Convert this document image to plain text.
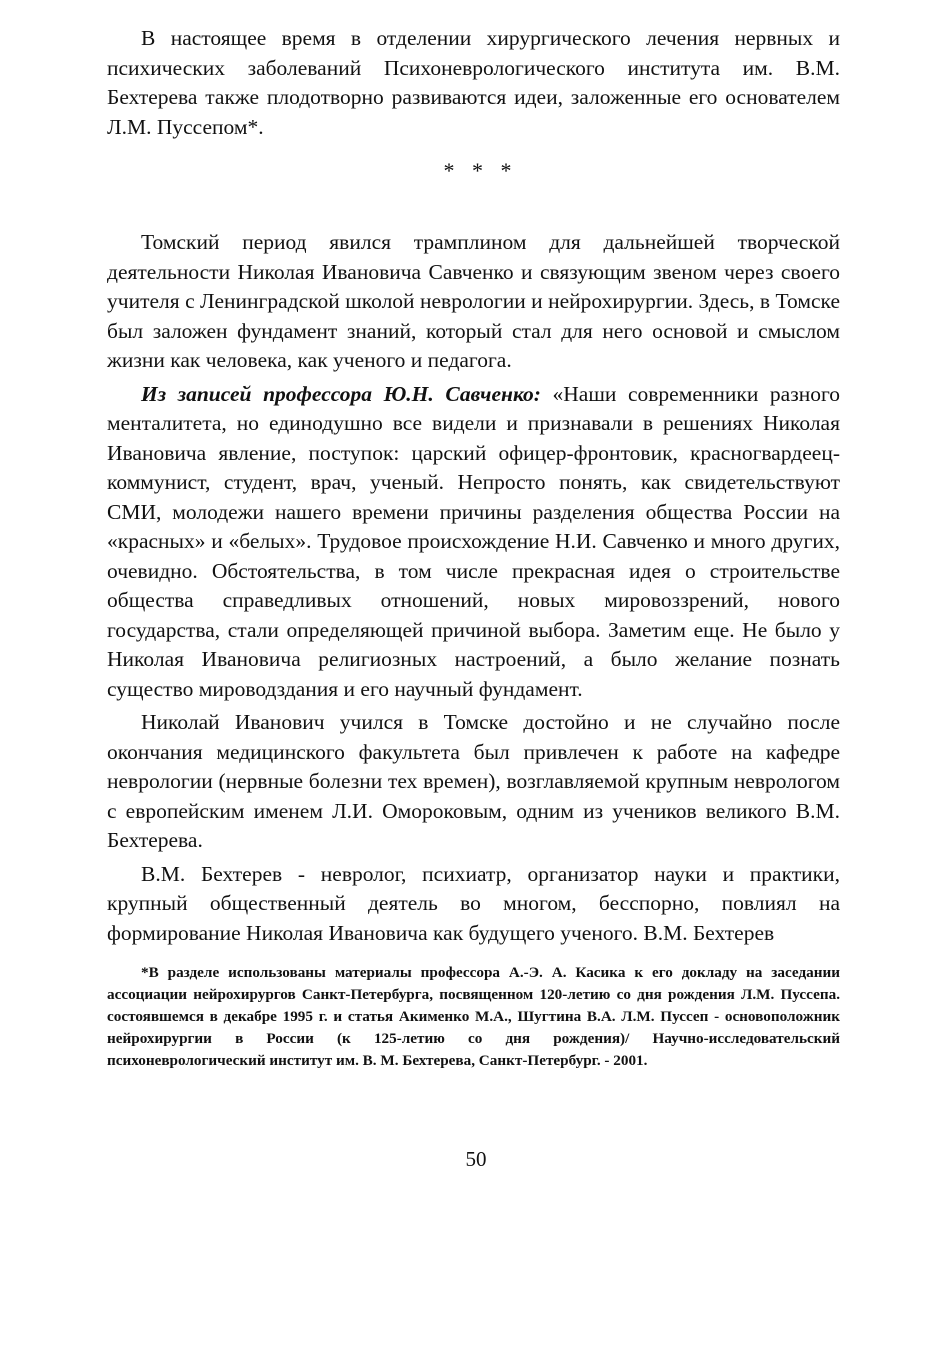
В настоящее время в отделении хирургического лечения нервных и психических заболеваний Психоневрологического института им. В.М. Бехтерева также плодотворно развиваются идеи, заложенные его основателем Л.М. Пуссепом*.

* * *

Томский период явился трамплином для дальнейшей творческой деятельности Николая Ивановича Савченко и связующим звеном через своего учителя с Ленинградской школой неврологии и нейрохирургии. Здесь, в Томске был заложен фундамент знаний, который стал для него основой и смыслом жизни как человека, как ученого и педагога.

Из записей профессора Ю.Н. Савченко: «Наши современники разного менталитета, но единодушно все видели и признавали в решениях Николая Ивановича явление, поступок: царский офицер-фронтовик, красногвардеец- коммунист, студент, врач, ученый. Непросто понять, как свидетельствуют СМИ, молодежи нашего времени причины разделения общества России на «красных» и «белых». Трудовое происхождение Н.И. Савченко и много других, очевидно. Обстоятельства, в том числе прекрасная идея о строительстве общества справедливых отношений, новых мировоззрений, нового государства, стали определяющей причиной выбора. Заметим еще. Не было у Николая Ивановича религиозных настроений, а было желание познать существо мироводздания и его научный фундамент.

Николай Иванович учился в Томске достойно и не случайно после окончания медицинского факультета был привлечен к работе на кафедре неврологии (нервные болезни тех времен), возглавляемой крупным неврологом с европейским именем Л.И. Омороковым, одним из учеников великого В.М. Бехтерева.

В.М. Бехтерев - невролог, психиатр, организатор науки и практики, крупный общественный деятель во многом, бесспорно, повлиял на формирование Николая Ивановича как будущего ученого. В.М. Бехтерев

*В разделе использованы материалы профессора А.-Э. А. Касика к его докладу на заседании ассоциации нейрохирургов Санкт-Петербурга, посвященном 120-летию со дня рождения Л.М. Пуссепа. состоявшемся в декабре 1995 г. и статья Акименко М.А., Шугтина В.А. Л.М. Пуссеп - основоположник нейрохирургии в России (к 125-летию со дня рождения)/ Научно-исследовательский психоневрологический институт им. В. М. Бехтерева, Санкт-Петербург. - 2001.

50
